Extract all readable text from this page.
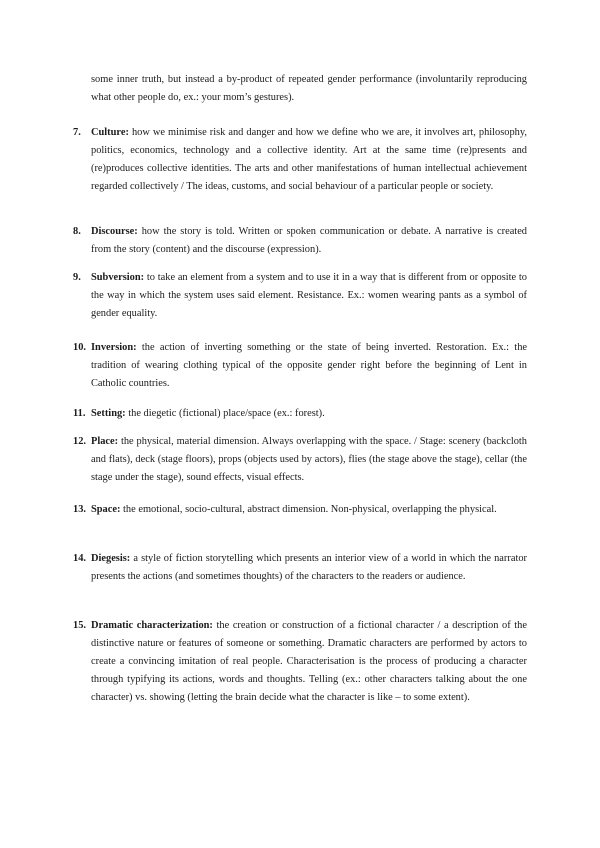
some inner truth, but instead a by-product of repeated gender performance (involuntarily reproducing what other people do, ex.: your mom’s gestures).

7. Culture: how we minimise risk and danger and how we define who we are, it involves art, philosophy, politics, economics, technology and a collective identity. Art at the same time (re)presents and (re)produces collective identities. The arts and other manifestations of human intellectual achievement regarded collectively / The ideas, customs, and social behaviour of a particular people or society.
8. Discourse: how the story is told. Written or spoken communication or debate. A narrative is created from the story (content) and the discourse (expression).
9. Subversion: to take an element from a system and to use it in a way that is different from or opposite to the way in which the system uses said element. Resistance. Ex.: women wearing pants as a symbol of gender equality.
10. Inversion: the action of inverting something or the state of being inverted. Restoration. Ex.: the tradition of wearing clothing typical of the opposite gender right before the beginning of Lent in Catholic countries.
11. Setting: the diegetic (fictional) place/space (ex.: forest).
12. Place: the physical, material dimension. Always overlapping with the space. / Stage: scenery (backcloth and flats), deck (stage floors), props (objects used by actors), flies (the stage above the stage), cellar (the stage under the stage), sound effects, visual effects.
13. Space: the emotional, socio-cultural, abstract dimension. Non-physical, overlapping the physical.
14. Diegesis: a style of fiction storytelling which presents an interior view of a world in which the narrator presents the actions (and sometimes thoughts) of the characters to the readers or audience.
15. Dramatic characterization: the creation or construction of a fictional character / a description of the distinctive nature or features of someone or something. Dramatic characters are performed by actors to create a convincing imitation of real people. Characterisation is the process of producing a character through typifying its actions, words and thoughts. Telling (ex.: other characters talking about the one character) vs. showing (letting the brain decide what the character is like – to some extent).
